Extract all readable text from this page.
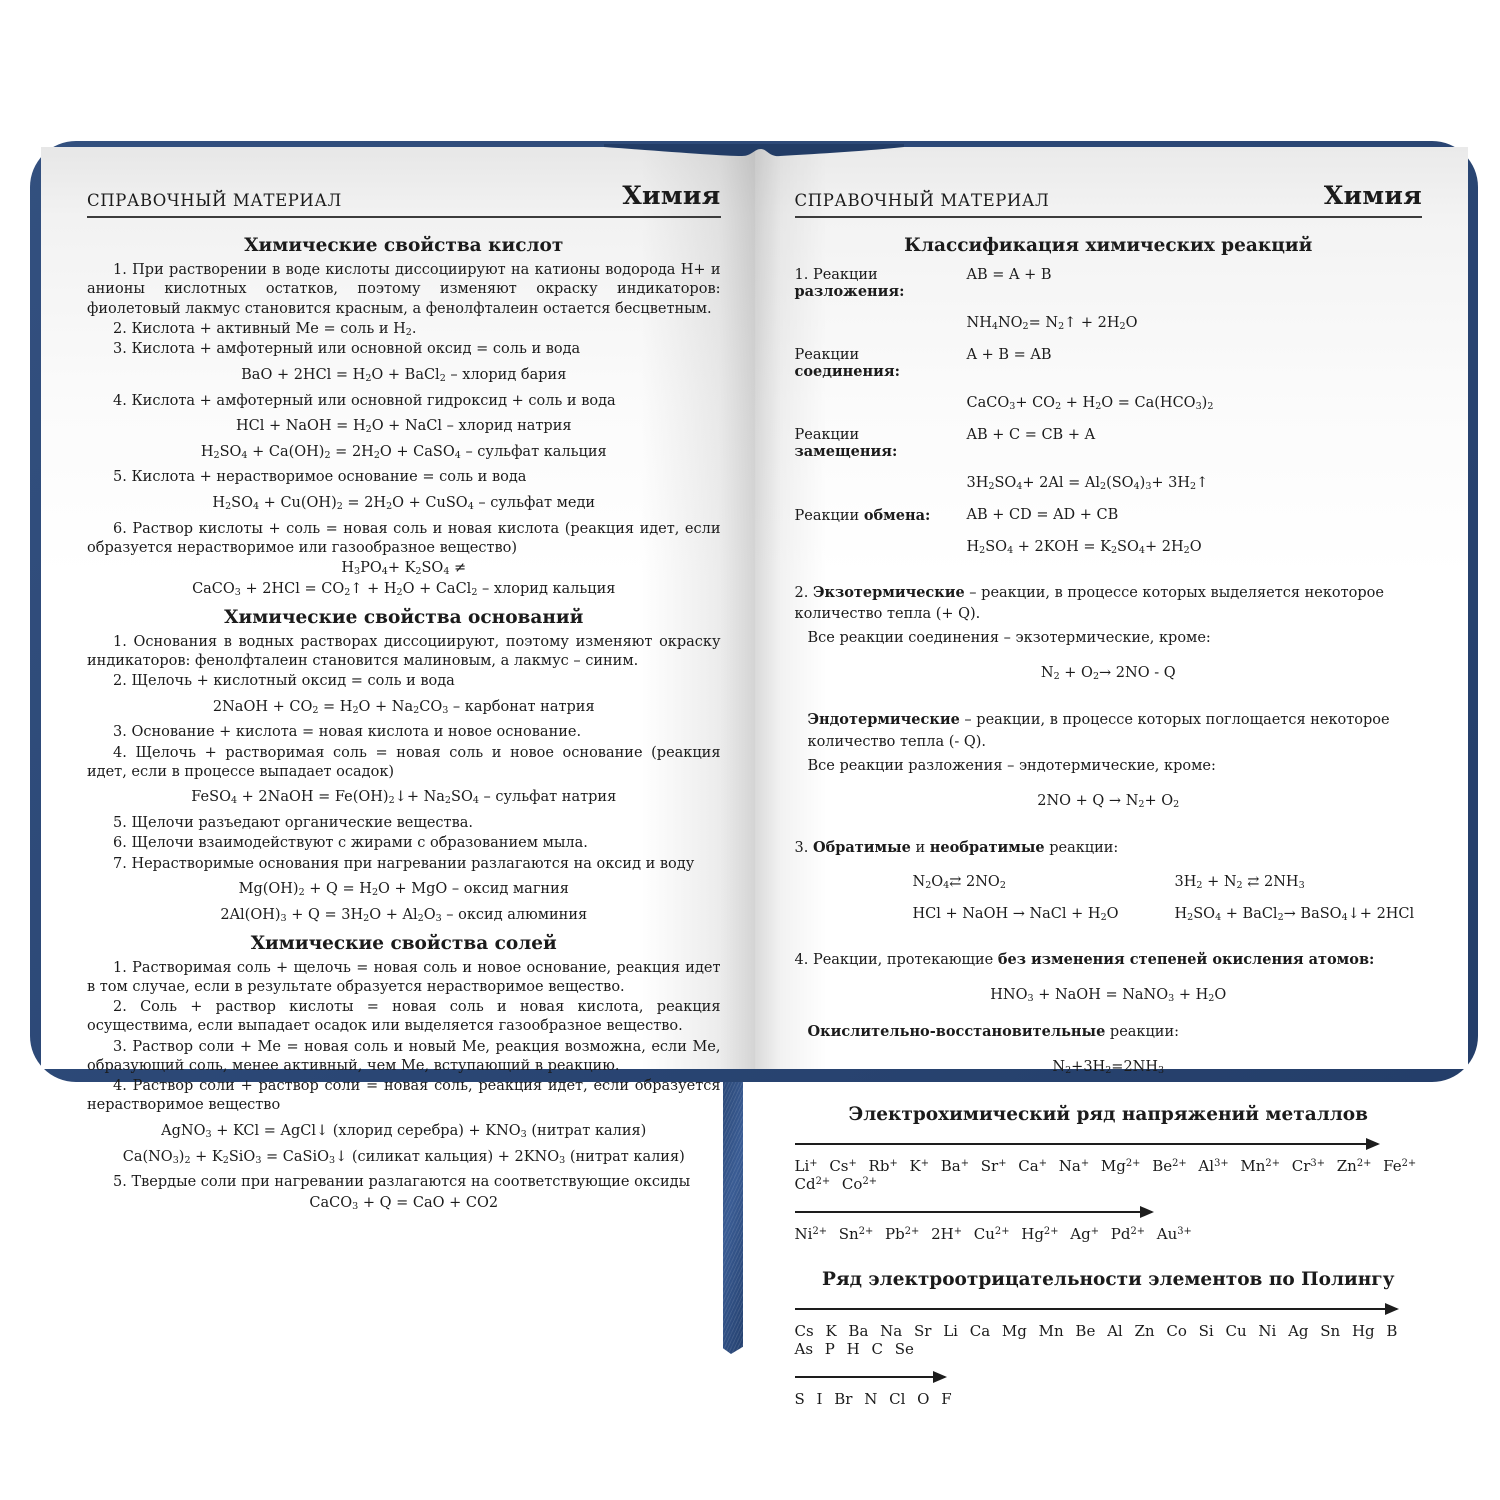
СПРАВОЧНЫЙ МАТЕРИАЛ	Химия
Химические свойства кислот
1. При растворении в воде кислоты диссоциируют на катионы водорода H+ и анионы кислотных остатков, поэтому изменяют окраску индикаторов: фиолетовый лакмус становится красным, а фенолфталеин остается бесцветным.
2. Кислота + активный Ме = соль и $H_2$.
3. Кислота + амфотерный или основной оксид = соль и вода
BaO + $2HCl = H_2O$ + BaCl$_2$ – хлорид бария
4. Кислота + амфотерный или основной гидроксид + соль и вода
HCl + NaOH = $H_2O$ + NaCl – хлорид натрия
$H_2SO_4 + Ca(OH)_2 = 2H_2O$ + CaSO$_4$ – сульфат кальция
5. Кислота + нерастворимое основание = соль и вода
$H_2SO_4 + Cu(OH)_2 = 2H_2O$ + CuSO$_4$ – сульфат меди
6. Раствор кислоты + соль = новая соль и новая кислота (реакция идет, если образуется нерастворимое или газообразное вещество)
$H_3PO_4+ K_2SO_4$ ≠
CaCO$_3$ + $2HCl = CO_2↑ + H_2O$ + CaCl$_2$ – хлорид кальция
Химические свойства оснований
1. Основания в водных растворах диссоциируют, поэтому изменяют окраску индикаторов: фенолфталеин становится малиновым, а лакмус – синим.
2. Щелочь + кислотный оксид = соль и вода
2NaOH + $CO_2 = H_2O + Na_2CO_3$ – карбонат натрия
3. Основание + кислота = новая кислота и новое основание.
4. Щелочь + растворимая соль = новая соль и новое основание (реакция идет, если в процессе выпадает осадок)
FeSO$_4$ + 2NaOH = $Fe(OH)_2↓+ Na_2SO_4$ – сульфат натрия
5. Щелочи разъедают органические вещества.
6. Щелочи взаимодействуют с жирами с образованием мыла.
7. Нерастворимые основания при нагревании разлагаются на оксид и воду
$Mg(OH)_2 + Q = H_2O$ + MgO – оксид магния
$2Al(OH)_3 + Q = 3H_2O + Al_2O_3$ – оксид алюминия
Химические свойства солей
1. Растворимая соль + щелочь = новая соль и новое основание, реакция идет в том случае, если в результате образуется нерастворимое вещество.
2. Соль + раствор кислоты = новая соль и новая кислота, реакция осуществима, если выпадает осадок или выделяется газообразное вещество.
3. Раствор соли + Ме = новая соль и новый Ме, реакция возможна, если Ме, образующий соль, менее активный, чем Ме, вступающий в реакцию.
4. Раствор соли + раствор соли = новая соль, реакция идет, если образуется нерастворимое вещество
AgNO$_3$ + KCl = AgCl↓ (хлорид серебра) + $KNO_3$ (нитрат калия)
$Ca(NO_3)_2 + K_2SiO_3$ = CaSiO$_3$↓ (силикат кальция) + $2KNO_3$ (нитрат калия)
5. Твердые соли при нагревании разлагаются на соответствующие оксиды
CaCO$_3$ + Q = CaO + CO2
СПРАВОЧНЫЙ МАТЕРИАЛ	Химия
Классификация химических реакций
1. Реакции разложения:
AB = A + B
$NH_4NO_2=$ $N_2↑ + 2H_2O$
Реакции соединения:
A + B = AB
CaCO$_3$+ $CO_2 + H_2O = Ca(HCO_3)_2$
Реакции замещения:
AB + C = CB + A
$3H_2SO_4+ 2Al = Al_2(SO_4)_3+$ $3H_2↑$
Реакции обмена:	AB + CD = AD + CB
$H_2SO_4 + 2KOH = K_2SO_4+ 2H_2O$
2. Экзотермические – реакции, в процессе которых выделяется некоторое количество тепла (+ Q).
Все реакции соединения – экзотермические, кроме:
$N_2 + O_2\to 2NO - Q$
Эндотермические – реакции, в процессе которых поглощается некоторое количество тепла (- Q).
Все реакции разложения – эндотермические, кроме:
$2NO + Q \to N_2+ O_2$
3. Обратимые и необратимые реакции:
$N_2O_4⇄$ $2NO_2$	$3H_2 + N_2$ ⇄ $2NH_3$
HCl + NaOH → NaCl + $H_2O$	$H_2SO_4$ + BaCl$_2$→ BaSO$_4$↓+ 2HCl
4. Реакции, протекающие без изменения степеней окисления атомов:
$HNO_3$ + NaOH = NaNO$_3$ + $H_2O$
Окислительно-восстановительные реакции:
$N_2+3H_2=2NH_3$
Электрохимический ряд напряжений металлов
Li+ Cs+ Rb+ K+ Ba+ Sr+ Ca+ Na+ $Mg^{2+}$ $Be^{2+}$ $Al^{3+}$ $Mn^{2+}$ $Cr^{3+}$ $Zn^{2+}$ $Fe^{2+}$ $Cd^{2+}$ $Co^{2+}$
$Ni^{2+}$ $Sn^{2+}$ $Pb^{2+}$ 2H+ $Cu^{2+}$ $Hg^{2+}$ Ag+ $Pd^{2+}$ $Au^{3+}$
Ряд электроотрицательности элементов по Полингу
Cs K Ba Na Sr Li Ca Mg Mn Be Al Zn Co Si Cu Ni Ag Sn Hg B As P H C Se
S I Br N Cl O F
